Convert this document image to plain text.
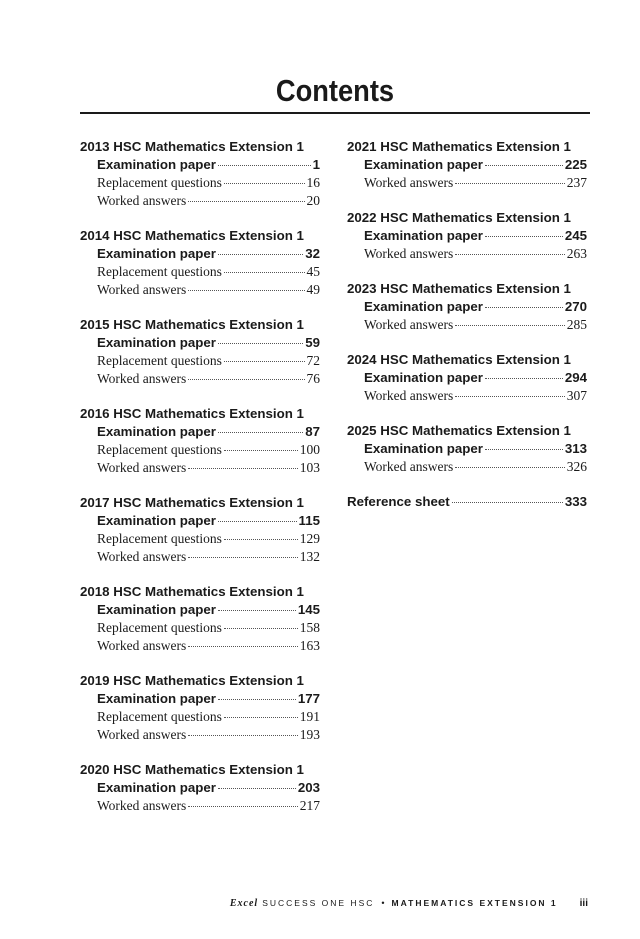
Contents
2013 HSC Mathematics Extension 1
Examination paper	1
Replacement questions	16
Worked answers	20
2014 HSC Mathematics Extension 1
Examination paper	32
Replacement questions	45
Worked answers	49
2015 HSC Mathematics Extension 1
Examination paper	59
Replacement questions	72
Worked answers	76
2016 HSC Mathematics Extension 1
Examination paper	87
Replacement questions	100
Worked answers	103
2017 HSC Mathematics Extension 1
Examination paper	115
Replacement questions	129
Worked answers	132
2018 HSC Mathematics Extension 1
Examination paper	145
Replacement questions	158
Worked answers	163
2019 HSC Mathematics Extension 1
Examination paper	177
Replacement questions	191
Worked answers	193
2020 HSC Mathematics Extension 1
Examination paper	203
Worked answers	217
2021 HSC Mathematics Extension 1
Examination paper	225
Worked answers	237
2022 HSC Mathematics Extension 1
Examination paper	245
Worked answers	263
2023 HSC Mathematics Extension 1
Examination paper	270
Worked answers	285
2024 HSC Mathematics Extension 1
Examination paper	294
Worked answers	307
2025 HSC Mathematics Extension 1
Examination paper	313
Worked answers	326
Reference sheet	333
Excel SUCCESS ONE HSC • MATHEMATICS EXTENSION 1 iii
